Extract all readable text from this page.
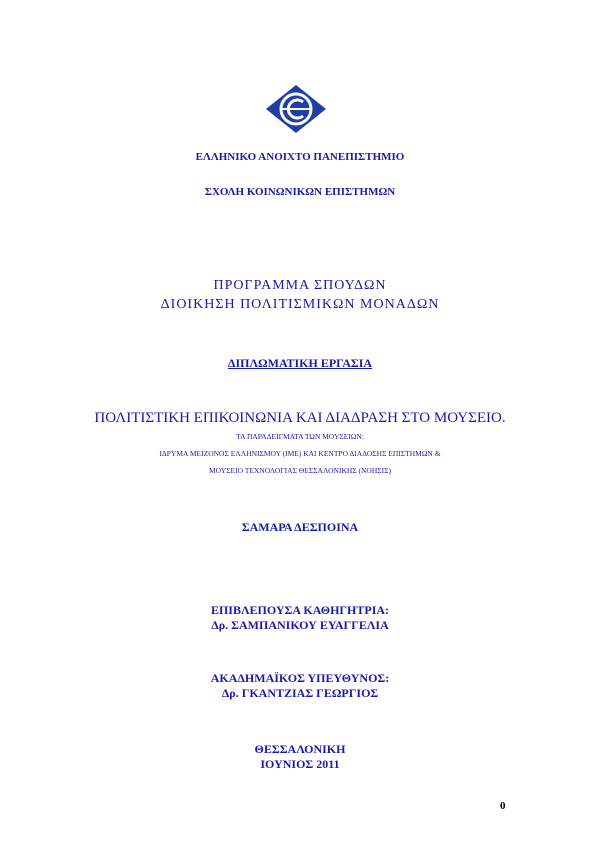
ΕΛΛΗΝΙΚΟ ΑΝΟΙΧΤΟ ΠΑΝΕΠΙΣΤΗΜΙΟ
ΣΧΟΛΗ ΚΟΙΝΩΝΙΚΩΝ ΕΠΙΣΤΗΜΩΝ
ΠΡΟΓΡΑΜΜΑ ΣΠΟΥΔΩΝ
ΔΙΟΙΚΗΣΗ ΠΟΛΙΤΙΣΜΙΚΩΝ ΜΟΝΑΔΩΝ
ΔΙΠΛΩΜΑΤΙΚΗ ΕΡΓΑΣΙΑ
ΠΟΛΙΤΙΣΤΙΚΗ ΕΠΙΚΟΙΝΩΝΙΑ ΚΑΙ ΔΙΑΔΡΑΣΗ ΣΤΟ ΜΟΥΣΕΙΟ.
ΤΑ ΠΑΡΑΔΕΙΓΜΑΤΑ ΤΩΝ ΜΟΥΣΕΙΩΝ:
ΙΔΡΥΜΑ ΜΕΙΖΟΝΟΣ ΕΛΛΗΝΙΣΜΟΥ (ΙΜΕ) ΚΑΙ ΚΕΝΤΡΟ ΔΙΑΔΟΣΗΣ ΕΠΙΣΤΗΜΩΝ &
ΜΟΥΣΕΙΟ ΤΕΧΝΟΛΟΓΙΑΣ ΘΕΣΣΑΛΟΝΙΚΗΣ (ΝΟΗΣΙΣ)
ΣΑΜΑΡΑ ΔΕΣΠΟΙΝΑ
ΕΠΙΒΛΕΠΟΥΣΑ ΚΑΘΗΓΗΤΡΙΑ:
Δρ. ΣΑΜΠΑΝΙΚΟΥ ΕΥΑΓΓΕΛΙΑ
ΑΚΑΔΗΜΑΪΚΟΣ ΥΠΕΥΘΥΝΟΣ:
Δρ. ΓΚΑΝΤΖΙΑΣ ΓΕΩΡΓΙΟΣ
ΘΕΣΣΑΛΟΝΙΚΗ
ΙΟΥΝΙΟΣ 2011
0
